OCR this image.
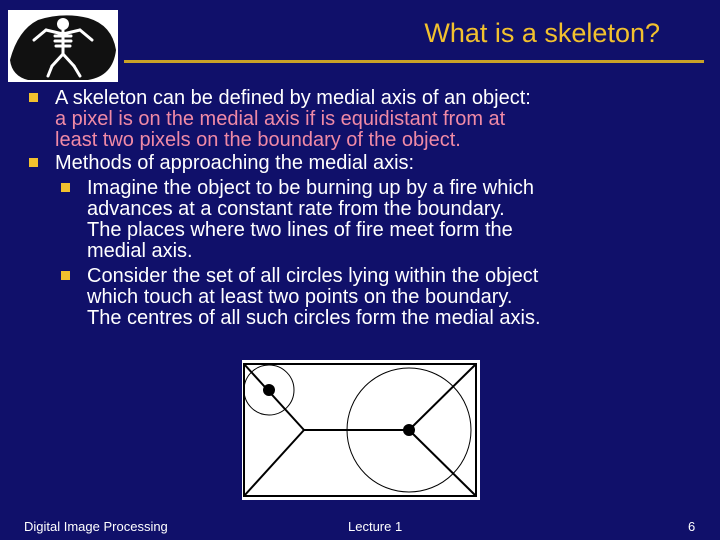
What is a skeleton?
A skeleton can be defined by medial axis of an object:
a pixel is on the medial axis if is equidistant from at
least two pixels on the boundary of the object.
Methods of approaching the medial axis:
Imagine the object to be burning up by a fire which
advances at a constant rate from the boundary.
The places where two lines of fire meet form the
medial axis.
Consider the set of all circles lying within the object
which touch at least two points on the boundary.
The centres of all such circles form the medial axis.
Digital Image Processing	Lecture 1	6
